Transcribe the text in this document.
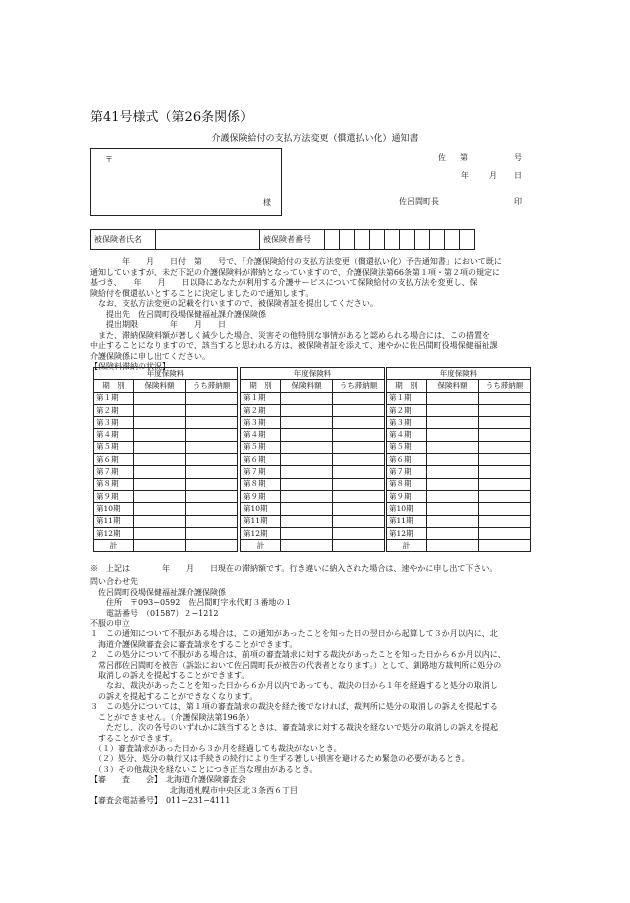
第41号様式（第26条関係）
介護保険給付の支払方法変更（償還払い化）通知書
〒
様
佐 第	号
年	月 日
佐呂間町長	印
被保険者氏名		被保険者番号										

年　　月　　日付　第　　号で、「介護保険給付の支払方法変更（償還払い化）予告通知書」において既に

通知していますが、未だ下記の介護保険料が滞納となっていますので、介護保険法第66条第１項・第２項の規定に

基づき、　　年　　月　　日以降にあなたが利用する介護サービスについて保険給付の支払方法を変更し、保

険給付を償還払いとすることに決定しましたので通知します。

なお、支払方法変更の記載を行いますので、被保険者証を提出してください。

提出先　佐呂間町役場保健福祉課介護保険係

提出期限　　　　年　　月　　日

また、滞納保険料額が著しく減少した場合、災害その他特別な事情があると認められる場合には、この措置を

中止することになりますので、該当すると思われる方は、被保険者証を添えて、速やかに佐呂間町役場保健福祉課

介護保険係に申し出てください。

【保険料滞納の状況】

年度保険料		
期　別	保険料額	うち滞納額
第１期		
第２期		
第３期		
第４期		
第５期		
第６期		
第７期		
第８期		
第９期		
第10期		
第11期		
第12期		
計		
年度保険料		
期　別	保険料額	うち滞納額
第１期		
第２期		
第３期		
第４期		
第５期		
第６期		
第７期		
第８期		
第９期		
第10期		
第11期		
第12期		
計		
年度保険料		
期　別	保険料額	うち滞納額
第１期		
第２期		
第３期		
第４期		
第５期		
第６期		
第７期		
第８期		
第９期		
第10期		
第11期		
第12期		
計		

※　上記は　　　　年　　月　　日現在の滞納額です。行き違いに納入された場合は、速やかに申し出て下さい。

問い合わせ先

　佐呂間町役場保健福祉課介護保険係

　　住所　〒093−0592　佐呂間町字永代町３番地の１

　　電話番号　（01587）２−1212

不服の申立

１　この通知について不服がある場合は、この通知があったことを知った日の翌日から起算して３か月以内に、北

　海道介護保険審査会に審査請求をすることができます。

２　この処分について不服がある場合は、前項の審査請求に対する裁決があったことを知った日から６か月以内に、

　常呂郡佐呂間町を被告（訴訟において佐呂間町長が被告の代表者となります。）として、釧路地方裁判所に処分の

　取消しの訴えを提起することができます。

　　なお、裁決があったことを知った日から６か月以内であっても、裁決の日から１年を経過すると処分の取消し

　の訴えを提起することができなくなります。

３　この処分については、第１項の審査請求の裁決を経た後でなければ、裁判所に処分の取消しの訴えを提起する

　ことができません。（介護保険法第196条）

　　ただし、次の各号のいずれかに該当するときは、審査請求に対する裁決を経ないで処分の取消しの訴えを提起

　することができます。

　（１）審査請求があった日から３か月を経過しても裁決がないとき。

　（２）処分、処分の執行又は手続きの続行により生ずる著しい損害を避けるため緊急の必要があるとき。

　（３）その他裁決を経ないことにつき正当な理由があるとき。

【審　　査　　会】　北海道介護保険審査会

　　　　　　　　　　北海道札幌市中央区北３条西６丁目

【審査会電話番号】　011−231−4111
